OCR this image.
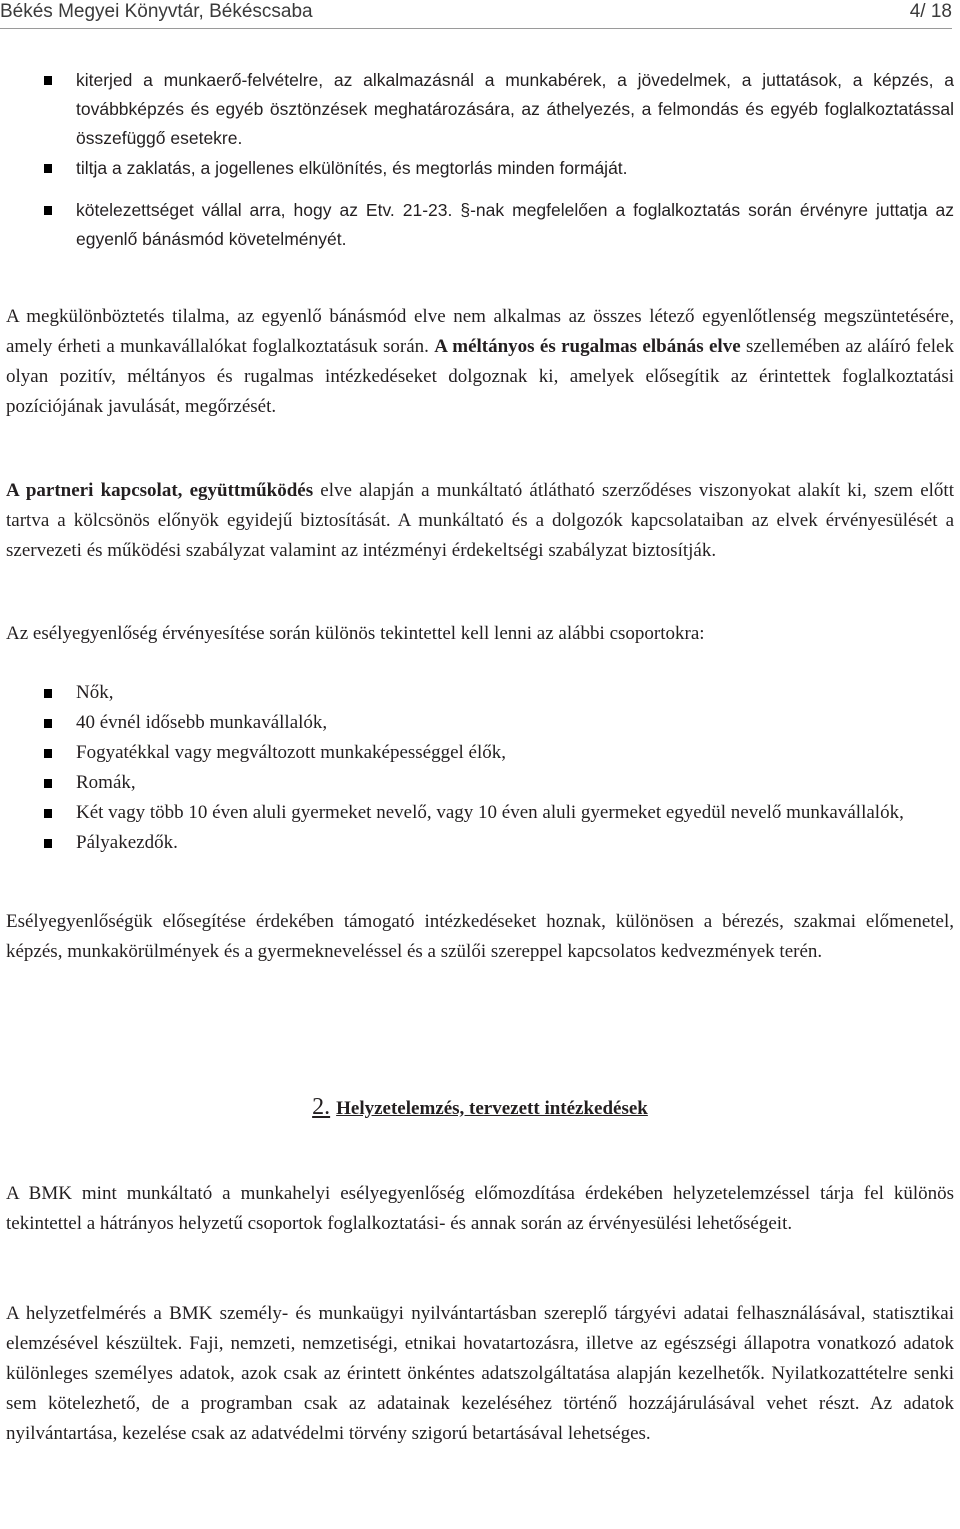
Békés Megyei Könyvtár, Békéscsaba	4/ 18
kiterjed a munkaerő-felvételre, az alkalmazásnál a munkabérek, a jövedelmek, a juttatások, a képzés, a továbbképzés és egyéb ösztönzések meghatározására, az áthelyezés, a felmondás és egyéb foglalkoztatással összefüggő esetekre.
tiltja a zaklatás, a jogellenes elkülönítés, és megtorlás minden formáját.
kötelezettséget vállal arra, hogy az Etv. 21-23. §-nak megfelelően a foglalkoztatás során érvényre juttatja az egyenlő bánásmód követelményét.

A megkülönböztetés tilalma, az egyenlő bánásmód elve nem alkalmas az összes létező egyenlőtlenség megszüntetésére, amely érheti a munkavállalókat foglalkoztatásuk során. A méltányos és rugalmas elbánás elve szellemében az aláíró felek olyan pozitív, méltányos és rugalmas intézkedéseket dolgoznak ki, amelyek elősegítik az érintettek foglalkoztatási pozíciójának javulását, megőrzését.

A partneri kapcsolat, együttműködés elve alapján a munkáltató átlátható szerződéses viszonyokat alakít ki, szem előtt tartva a kölcsönös előnyök egyidejű biztosítását. A munkáltató és a dolgozók kapcsolataiban az elvek érvényesülését a szervezeti és működési szabályzat valamint az intézményi érdekeltségi szabályzat biztosítják.

Az esélyegyenlőség érvényesítése során különös tekintettel kell lenni az alábbi csoportokra:

Nők,
40 évnél idősebb munkavállalók,
Fogyatékkal vagy megváltozott munkaképességgel élők,
Romák,
Két vagy több 10 éven aluli gyermeket nevelő, vagy 10 éven aluli gyermeket egyedül nevelő munkavállalók,
Pályakezdők.

Esélyegyenlőségük elősegítése érdekében támogató intézkedéseket hoznak, különösen a bérezés, szakmai előmenetel, képzés, munkakörülmények és a gyermekneveléssel és a szülői szereppel kapcsolatos kedvezmények terén.

2. Helyzetelemzés, tervezett intézkedések

A BMK mint munkáltató a munkahelyi esélyegyenlőség előmozdítása érdekében helyzetelemzéssel tárja fel különös tekintettel a hátrányos helyzetű csoportok foglalkoztatási- és annak során az érvényesülési lehetőségeit.

A helyzetfelmérés a BMK személy- és munkaügyi nyilvántartásban szereplő tárgyévi adatai felhasználásával, statisztikai elemzésével készültek. Faji, nemzeti, nemzetiségi, etnikai hovatartozásra, illetve az egészségi állapotra vonatkozó adatok különleges személyes adatok, azok csak az érintett önkéntes adatszolgáltatása alapján kezelhetők. Nyilatkozattételre senki sem kötelezhető, de a programban csak az adatainak kezeléséhez történő hozzájárulásával vehet részt. Az adatok nyilvántartása, kezelése csak az adatvédelmi törvény szigorú betartásával lehetséges.
